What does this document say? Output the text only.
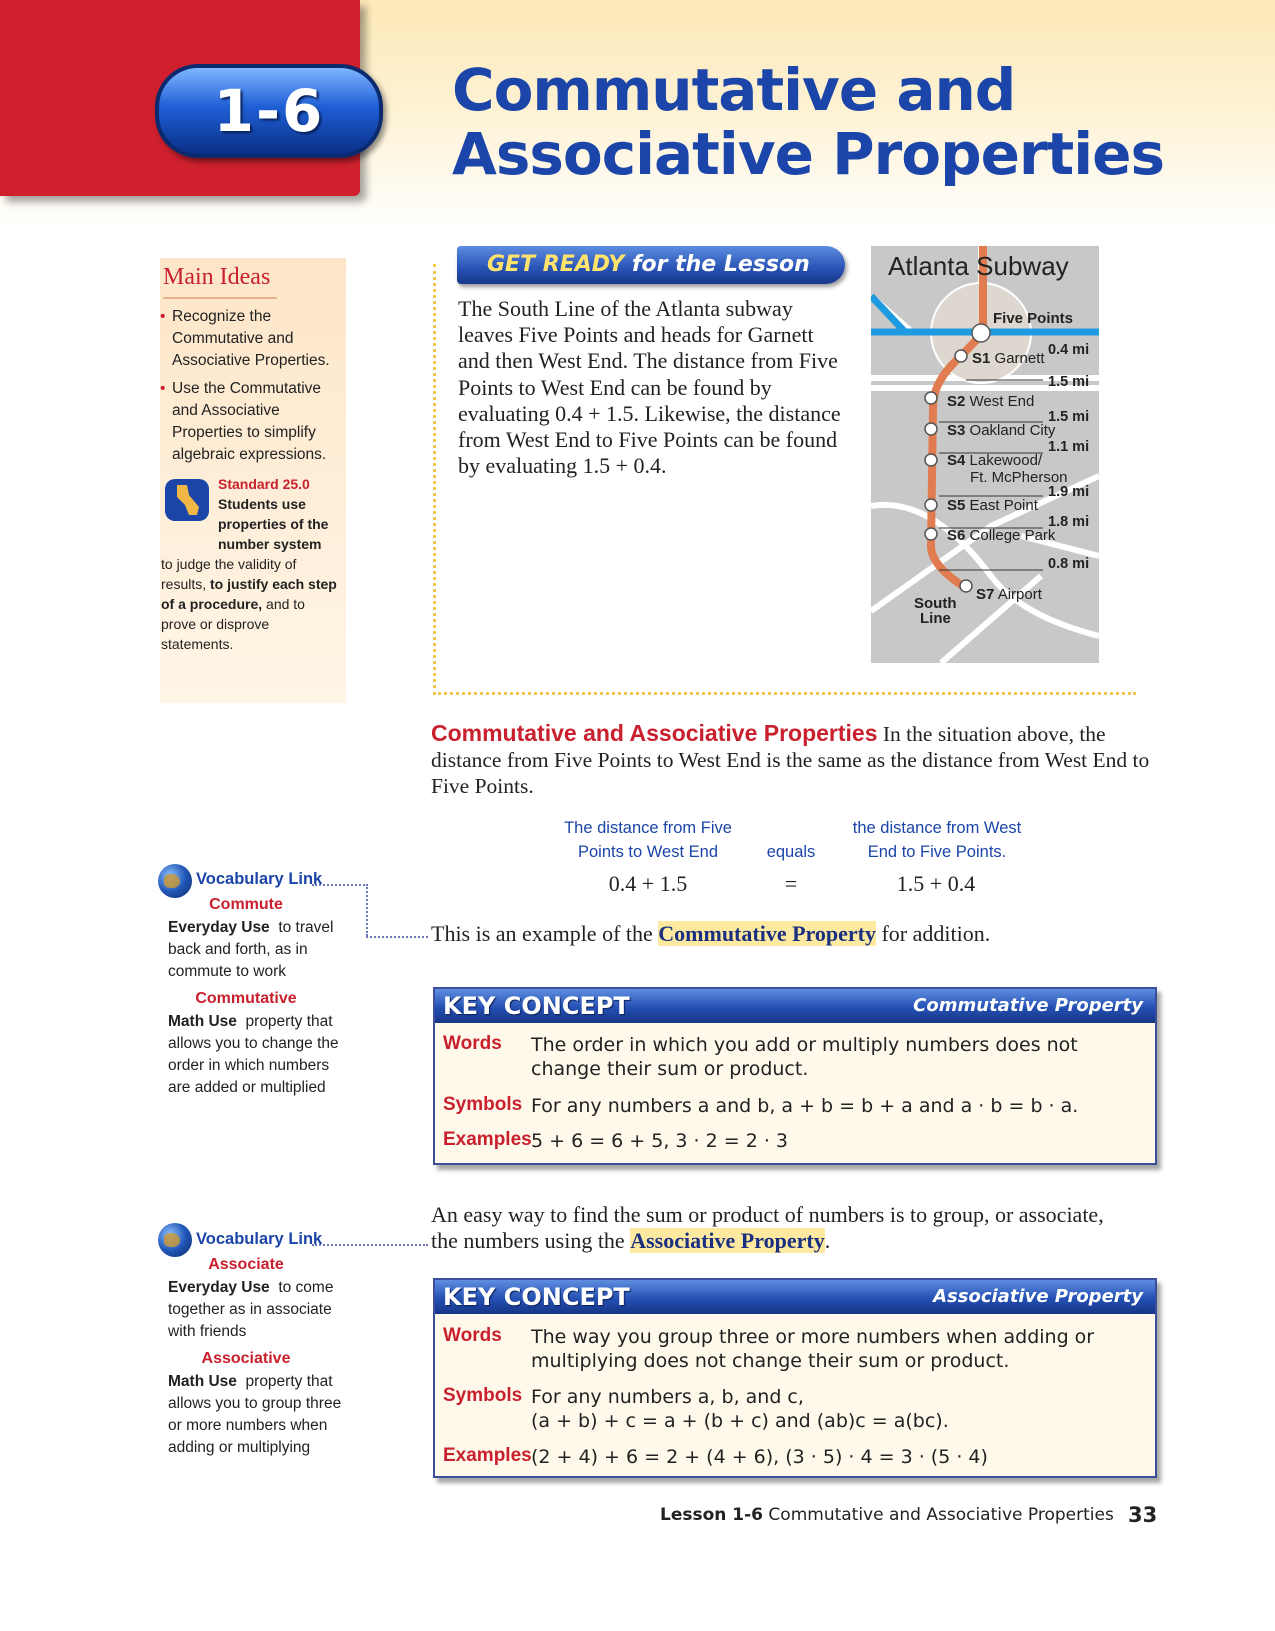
1-6	Commutative and
Associative Properties
Main Ideas
• Recognize the Commutative and Associative Properties.
• Use the Commutative and Associative Properties to simplify algebraic expressions.
Standard 25.0
Students use properties of the number system
to judge the validity of results, to justify each step of a procedure, and to prove or disprove statements.
GET READY for the Lesson
The South Line of the Atlanta subway leaves Five Points and heads for Garnett and then West End. The distance from Five Points to West End can be found by evaluating 0.4 + 1.5. Likewise, the distance from West End to Five Points can be found by evaluating 1.5 + 0.4.
Atlanta Subway
Five Points
S1 Garnett
S2 West End
S3 Oakland City
S4 Lakewood/
Ft. McPherson
S5 East Point
S6 College Park
S7 Airport
South
Line
0.4 mi
1.5 mi
1.5 mi
1.1 mi
1.9 mi
1.8 mi
0.8 mi
Commutative and Associative Properties In the situation above, the distance from Five Points to West End is the same as the distance from West End to Five Points.
The distance from Five
Points to West End	equals
the distance from West
End to Five Points.
0.4 + 1.5	=	1.5 + 0.4
This is an example of the Commutative Property for addition.
An easy way to find the sum or product of numbers is to group, or associate, the numbers using the Associative Property.
Vocabulary Link
Commute
Everyday Use to travel back and forth, as in commute to work
Commutative
Math Use property that allows you to change the order in which numbers are added or multiplied
KEY CONCEPT	Commutative Property
Words The order in which you add or multiply numbers does not change their sum or product.
Symbols For any numbers a and b, a + b = b + a and a · b = b · a.
Examples 5 + 6 = 6 + 5, 3 · 2 = 2 · 3
Vocabulary Link
Associate
Everyday Use to come together as in associate with friends
Associative
Math Use property that allows you to group three or more numbers when adding or multiplying
KEY CONCEPT	Associative Property
Words The way you group three or more numbers when adding or multiplying does not change their sum or product.
Symbols For any numbers a, b, and c,
(a + b) + c = a + (b + c) and (ab)c = a(bc).
Examples (2 + 4) + 6 = 2 + (4 + 6), (3 · 5) · 4 = 3 · (5 · 4)
Lesson 1-6 Commutative and Associative Properties 33
